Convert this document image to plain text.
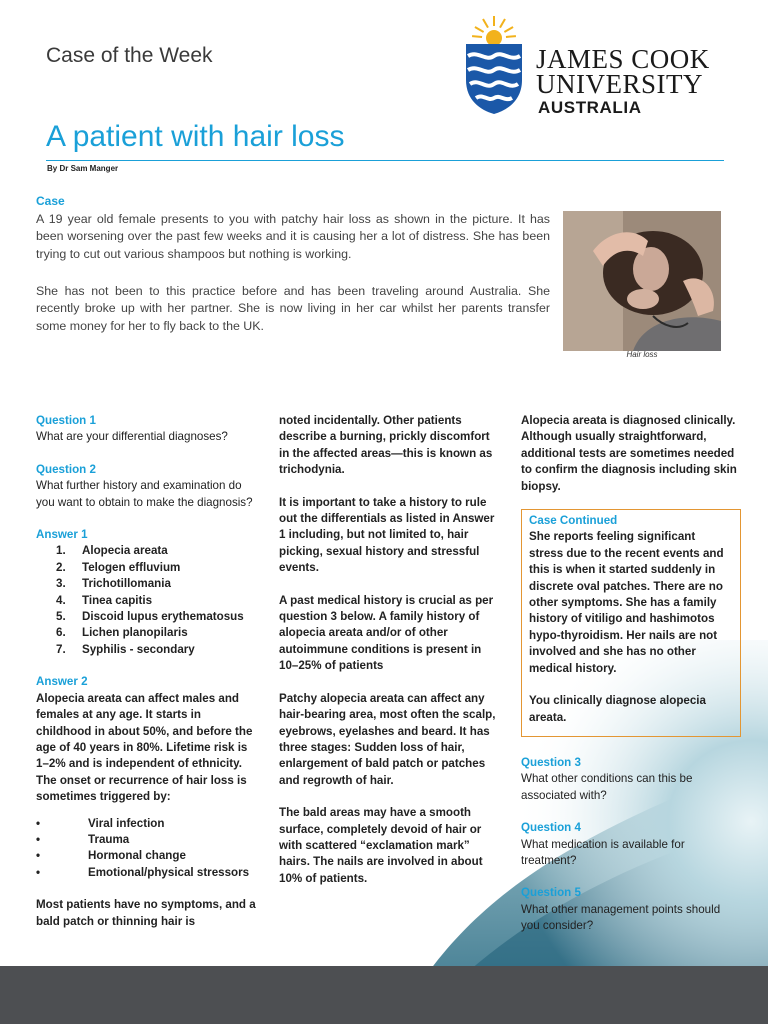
Case of the Week	JAMES COOK
UNIVERSITY
AUSTRALIA
A patient with hair loss
By Dr Sam Manger
Case
A 19 year old female presents to you with patchy hair loss as shown in the picture. It has been worsening over the past few weeks and it is causing her a lot of distress. She has been trying to cut out various shampoos but nothing is working.
She has not been to this practice before and has been traveling around Australia. She recently broke up with her partner. She is now living in her car whilst her parents transfer some money for her to fly back to the UK.
Hair loss
Question 1
What are your differential diagnoses?
Question 2
What further history and examination do you want to obtain to make the diagnosis?
Answer 1
1. Alopecia areata
2. Telogen effluvium
3. Trichotillomania
4. Tinea capitis
5. Discoid lupus erythematosus
6. Lichen planopilaris
7. Syphilis - secondary
Answer 2
Alopecia areata can affect males and females at any age. It starts in childhood in about 50%, and before the age of 40 years in 80%. Lifetime risk is 1–2% and is independent of ethnicity. The onset or recurrence of hair loss is sometimes triggered by:
• Viral infection
• Trauma
• Hormonal change
• Emotional/physical stressors
Most patients have no symptoms, and a bald patch or thinning hair is
noted incidentally. Other patients describe a burning, prickly discomfort in the affected areas—this is known as trichodynia.
It is important to take a history to rule out the differentials as listed in Answer 1 including, but not limited to, hair picking, sexual history and stressful events.
A past medical history is crucial as per question 3 below. A family history of alopecia areata and/or of other autoimmune conditions is present in 10–25% of patients
Patchy alopecia areata can affect any hair-bearing area, most often the scalp, eyebrows, eyelashes and beard. It has three stages: Sudden loss of hair, enlargement of bald patch or patches and regrowth of hair.
The bald areas may have a smooth surface, completely devoid of hair or with scattered “exclamation mark” hairs. The nails are involved in about 10% of patients.
Alopecia areata is diagnosed clinically. Although usually straightforward, additional tests are sometimes needed to confirm the diagnosis including skin biopsy.
Case Continued
She reports feeling significant stress due to the recent events and this is when it started suddenly in discrete oval patches. There are no other symptoms. She has a family history of vitiligo and hashimotos hypo-thyroidism. Her nails are not involved and she has no other medical history.
You clinically diagnose alopecia areata.
Question 3
What other conditions can this be associated with?
Question 4
What medication is available for treatment?
Question 5
What other management points should you consider?
